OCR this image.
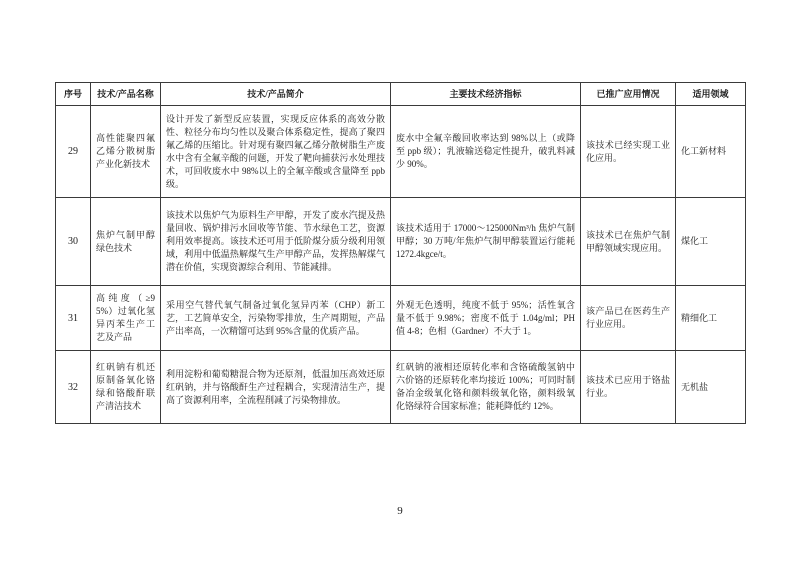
序号	技术/产品名称	技术/产品简介	主要技术经济指标	已推广应用情况	适用领域
29	高性能聚四氟乙烯分散树脂产业化新技术	设计开发了新型反应装置，实现反应体系的高效分散性、粒径分布均匀性以及聚合体系稳定性，提高了聚四氟乙烯的压缩比。针对现有聚四氟乙烯分散树脂生产废水中含有全氟辛酸的问题，开发了靶向捕获污水处理技术，可回收废水中 98%以上的全氟辛酸或含量降至 ppb 级。	废水中全氟辛酸回收率达到 98%以上（或降至 ppb 级）；乳液输送稳定性提升，破乳料减少 90%。	该技术已经实现工业化应用。	化工新材料
30	焦炉气制甲醇绿色技术	该技术以焦炉气为原料生产甲醇，开发了废水汽提及热量回收、锅炉排污水回收等节能、节水绿色工艺，资源利用效率提高。该技术还可用于低阶煤分质分级利用领域，利用中低温热解煤气生产甲醇产品，发挥热解煤气潜在价值，实现资源综合利用、节能减排。	该技术适用于 17000～125000Nm³/h 焦炉气制甲醇；30 万吨/年焦炉气制甲醇装置运行能耗 1272.4kgce/t。	该技术已在焦炉气制甲醇领域实现应用。	煤化工
31	高纯度（≥95%）过氧化氢异丙苯生产工艺及产品	采用空气替代氧气制备过氧化氢异丙苯（CHP）新工艺，工艺简单安全，污染物零排放，生产周期短，产品产出率高，一次精馏可达到 95%含量的优质产品。	外观无色透明，纯度不低于 95%；活性氧含量不低于 9.98%；密度不低于 1.04g/ml；PH 值 4-8；色相（Gardner）不大于 1。	该产品已在医药生产行业应用。	精细化工
32	红矾钠有机还原制备氧化铬绿和铬酸酐联产清洁技术	利用淀粉和葡萄糖混合物为还原剂，低温加压高效还原红矾钠，并与铬酸酐生产过程耦合，实现清洁生产，提高了资源利用率，全流程削减了污染物排放。	红矾钠的液相还原转化率和含铬硫酸氢钠中六价铬的还原转化率均接近 100%；可同时制备冶金级氧化铬和颜料级氧化铬，颜料级氧化铬绿符合国家标准；能耗降低约 12%。	该技术已应用于铬盐行业。	无机盐
9
